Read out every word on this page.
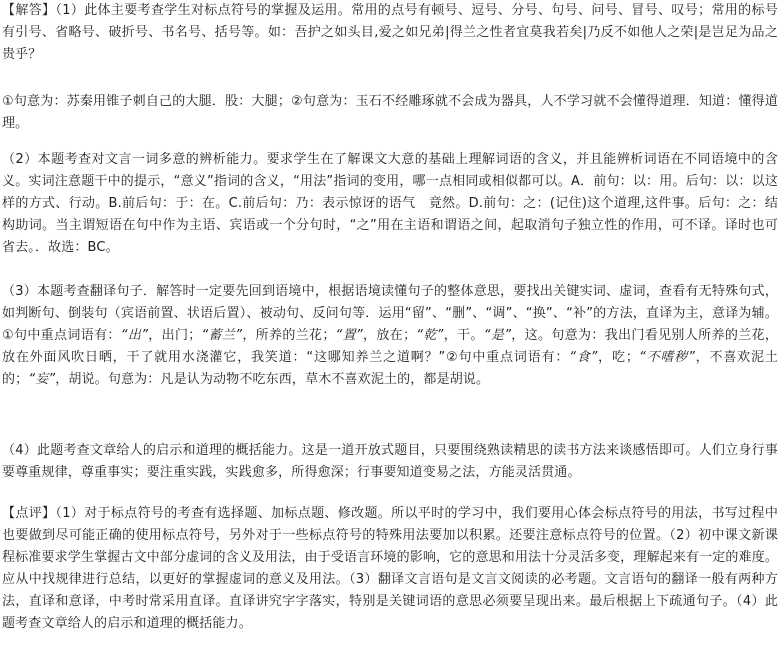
【解答】（1）此体主要考查学生对标点符号的掌握及运用。常用的点号有顿号、逗号、分号、句号、问号、冒号、叹号；常用的标号有引号、省略号、破折号、书名号、括号等。如：吾护之如头目,爱之如兄弟|得兰之性者宜莫我若矣|乃反不如他人之荣|是岂足为品之贵乎？

①句意为：苏秦用锥子刺自己的大腿．股：大腿；②句意为：玉石不经雕琢就不会成为器具，人不学习就不会懂得道理．知道：懂得道理。

（2）本题考查对文言一词多意的辨析能力。要求学生在了解课文大意的基础上理解词语的含义，并且能辨析词语在不同语境中的含义。实词注意题干中的提示，“意义”指词的含义，“用法”指词的变用，哪一点相同或相似都可以。A．前句：以：用。后句：以：以这样的方式、行动。B.前后句：于：在。C.前后句：乃：表示惊讶的语气　竟然。D.前句：之：(记住)这个道理,这件事。后句：之：结构助词。当主谓短语在句中作为主语、宾语或一个分句时，“之”用在主语和谓语之间，起取消句子独立性的作用，可不译。译时也可省去。．故选：BC。

（3）本题考查翻译句子．解答时一定要先回到语境中，根据语境读懂句子的整体意思，要找出关键实词、虚词，查看有无特殊句式，如判断句、倒装句（宾语前置、状语后置）、被动句、反问句等．运用“留”、“删”、“调”、“换”、“补”的方法，直译为主，意译为辅。①句中重点词语有：“出”，出门；“蓄兰”，所养的兰花；“置”，放在；“乾”，干。“是”，这。句意为：我出门看见别人所养的兰花，放在外面风吹日晒，干了就用水浇灌它，我笑道：“这哪知养兰之道啊？”②句中重点词语有：“食”，吃；“不嗜秽”，不喜欢泥土的；“妄”，胡说。句意为：凡是认为动物不吃东西，草木不喜欢泥土的，都是胡说。

（4）此题考查文章给人的启示和道理的概括能力。这是一道开放式题目，只要围绕熟读精思的读书方法来谈感悟即可。人们立身行事要尊重规律，尊重事实；要注重实践，实践愈多，所得愈深；行事要知道变易之法，方能灵活贯通。

【点评】（1）对于标点符号的考查有选择题、加标点题、修改题。所以平时的学习中，我们要用心体会标点符号的用法，书写过程中也要做到尽可能正确的使用标点符号，另外对于一些标点符号的特殊用法要加以积累。还要注意标点符号的位置。（2）初中课文新课程标准要求学生掌握古文中部分虚词的含义及用法，由于受语言环境的影响，它的意思和用法十分灵活多变，理解起来有一定的难度。应从中找规律进行总结，以更好的掌握虚词的意义及用法。（3）翻译文言语句是文言文阅读的必考题。文言语句的翻译一般有两种方法，直译和意译，中考时常采用直译。直译讲究字字落实，特别是关键词语的意思必须要呈现出来。最后根据上下疏通句子。（4）此题考查文章给人的启示和道理的概括能力。
